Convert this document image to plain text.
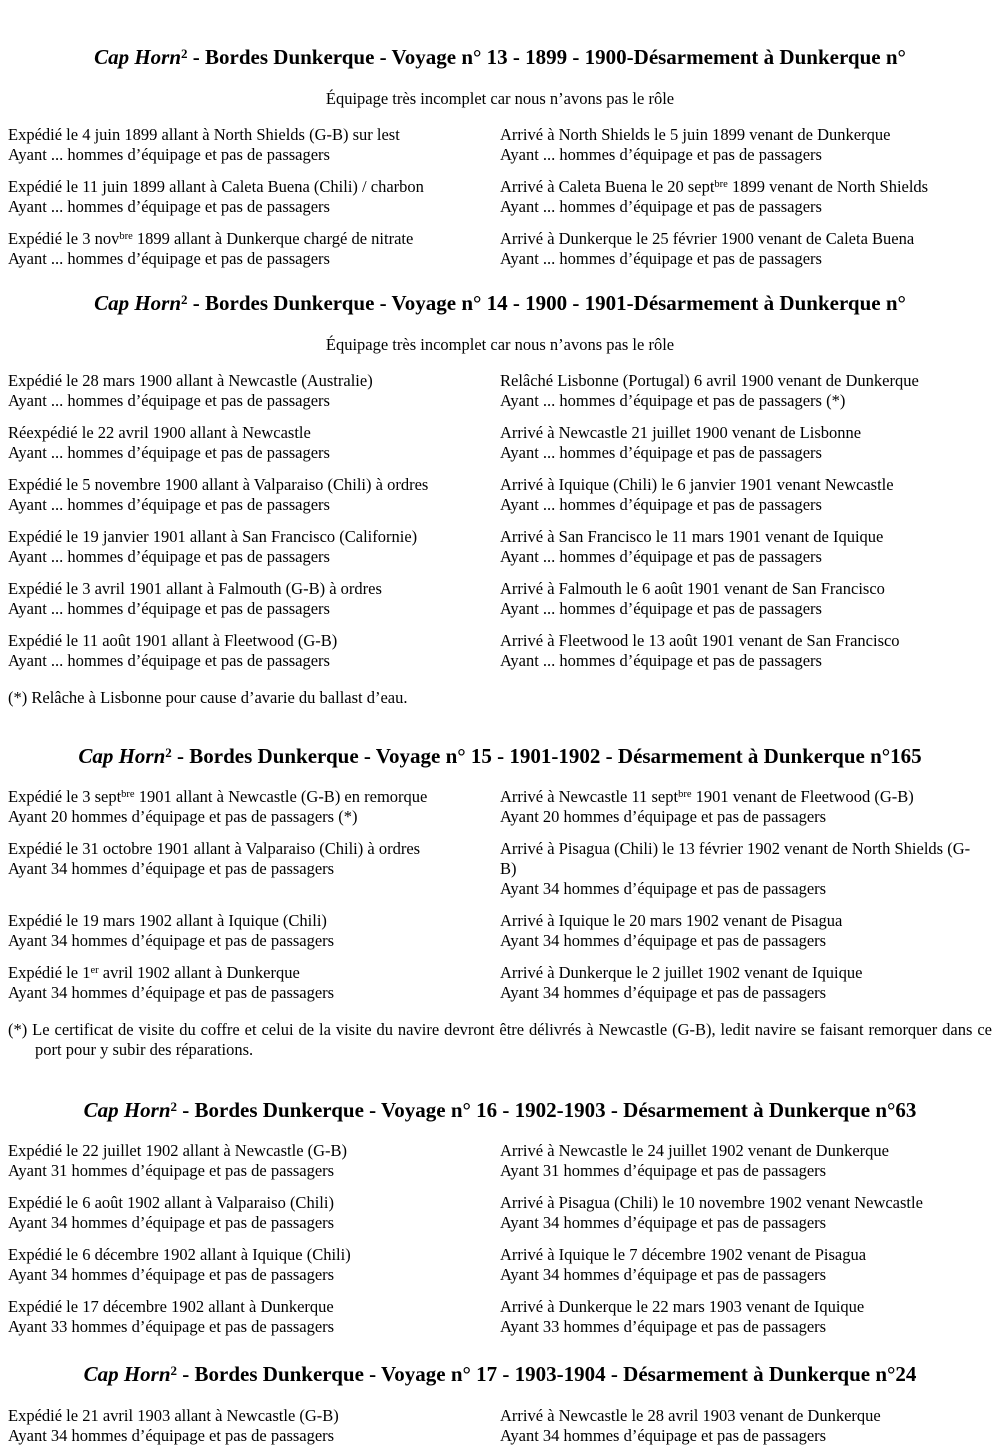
Cap Horn$^2$ - Bordes Dunkerque - Voyage n° 13 - 1899 - 1900-Désarmement à Dunkerque n°

Équipage très incomplet car nous n’avons pas le rôle

Expédié le 4 juin 1899 allant à North Shields (G-B) sur lest
Ayant ... hommes d’équipage et pas de passagers
Arrivé à North Shields le 5 juin 1899 venant de Dunkerque
Ayant ... hommes d’équipage et pas de passagers
Expédié le 11 juin 1899 allant à Caleta Buena (Chili) / charbon
Ayant ... hommes d’équipage et pas de passagers
Arrivé à Caleta Buena le 20 sept$^{bre}$ 1899 venant de North Shields
Ayant ... hommes d’équipage et pas de passagers
Expédié le 3 nov$^{bre}$ 1899 allant à Dunkerque chargé de nitrate
Ayant ... hommes d’équipage et pas de passagers
Arrivé à Dunkerque le 25 février 1900 venant de Caleta Buena
Ayant ... hommes d’équipage et pas de passagers
Cap Horn$^2$ - Bordes Dunkerque - Voyage n° 14 - 1900 - 1901-Désarmement à Dunkerque n°

Équipage très incomplet car nous n’avons pas le rôle

Expédié le 28 mars 1900 allant à Newcastle (Australie)
Ayant ... hommes d’équipage et pas de passagers
Relâché Lisbonne (Portugal) 6 avril 1900 venant de Dunkerque
Ayant ... hommes d’équipage et pas de passagers (*)
Réexpédié le 22 avril 1900 allant à Newcastle
Ayant ... hommes d’équipage et pas de passagers
Arrivé à Newcastle 21 juillet 1900 venant de Lisbonne
Ayant ... hommes d’équipage et pas de passagers
Expédié le 5 novembre 1900 allant à Valparaiso (Chili) à ordres
Ayant ... hommes d’équipage et pas de passagers
Arrivé à Iquique (Chili) le 6 janvier 1901 venant Newcastle
Ayant ... hommes d’équipage et pas de passagers
Expédié le 19 janvier 1901 allant à San Francisco (Californie)
Ayant ... hommes d’équipage et pas de passagers
Arrivé à San Francisco le 11 mars 1901 venant de Iquique
Ayant ... hommes d’équipage et pas de passagers
Expédié le 3 avril 1901 allant à Falmouth (G-B) à ordres
Ayant ... hommes d’équipage et pas de passagers
Arrivé à Falmouth le 6 août 1901 venant de San Francisco
Ayant ... hommes d’équipage et pas de passagers
Expédié le 11 août 1901 allant à Fleetwood (G-B)
Ayant ... hommes d’équipage et pas de passagers
Arrivé à Fleetwood le 13 août 1901 venant de San Francisco
Ayant ... hommes d’équipage et pas de passagers

(*) Relâche à Lisbonne pour cause d’avarie du ballast d’eau.

Cap Horn$^2$ - Bordes Dunkerque - Voyage n° 15 - 1901-1902 - Désarmement à Dunkerque n°165
Expédié le 3 sept$^{bre}$ 1901 allant à Newcastle (G-B) en remorque
Ayant 20 hommes d’équipage et pas de passagers (*)
Arrivé à Newcastle 11 sept$^{bre}$ 1901 venant de Fleetwood (G-B)
Ayant 20 hommes d’équipage et pas de passagers
Expédié le 31 octobre 1901 allant à Valparaiso (Chili) à ordres
Ayant 34 hommes d’équipage et pas de passagers
Arrivé à Pisagua (Chili) le 13 février 1902 venant de North Shields (G-B)
Ayant 34 hommes d’équipage et pas de passagers
Expédié le 19 mars 1902 allant à Iquique (Chili)
Ayant 34 hommes d’équipage et pas de passagers
Arrivé à Iquique le 20 mars 1902 venant de Pisagua
Ayant 34 hommes d’équipage et pas de passagers
Expédié le 1er avril 1902 allant à Dunkerque
Ayant 34 hommes d’équipage et pas de passagers
Arrivé à Dunkerque le 2 juillet 1902 venant de Iquique
Ayant 34 hommes d’équipage et pas de passagers

(*) Le certificat de visite du coffre et celui de la visite du navire devront être délivrés à Newcastle (G-B), ledit navire se faisant remorquer dans ce port pour y subir des réparations.

Cap Horn$^2$ - Bordes Dunkerque - Voyage n° 16 - 1902-1903 - Désarmement à Dunkerque n°63
Expédié le 22 juillet 1902 allant à Newcastle (G-B)
Ayant 31 hommes d’équipage et pas de passagers
Arrivé à Newcastle le 24 juillet 1902 venant de Dunkerque
Ayant 31 hommes d’équipage et pas de passagers
Expédié le 6 août 1902 allant à Valparaiso (Chili)
Ayant 34 hommes d’équipage et pas de passagers
Arrivé à Pisagua (Chili) le 10 novembre 1902 venant Newcastle
Ayant 34 hommes d’équipage et pas de passagers
Expédié le 6 décembre 1902 allant à Iquique (Chili)
Ayant 34 hommes d’équipage et pas de passagers
Arrivé à Iquique le 7 décembre 1902 venant de Pisagua
Ayant 34 hommes d’équipage et pas de passagers
Expédié le 17 décembre 1902 allant à Dunkerque
Ayant 33 hommes d’équipage et pas de passagers
Arrivé à Dunkerque le 22 mars 1903 venant de Iquique
Ayant 33 hommes d’équipage et pas de passagers
Cap Horn$^2$ - Bordes Dunkerque - Voyage n° 17 - 1903-1904 - Désarmement à Dunkerque n°24
Expédié le 21 avril 1903 allant à Newcastle (G-B)
Ayant 34 hommes d’équipage et pas de passagers
Arrivé à Newcastle le 28 avril 1903 venant de Dunkerque
Ayant 34 hommes d’équipage et pas de passagers
